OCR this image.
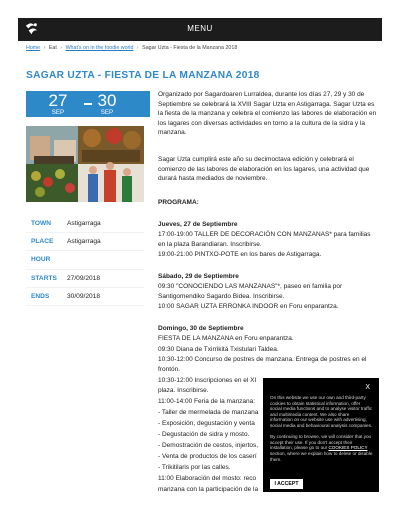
MENU
Home › Eat › What's on in the foodie world › Sagar Uzta - Fiesta de la Manzana 2018
SAGAR UZTA - FIESTA DE LA MANZANA 2018
27
SEP
30
SEP
TOWN Astigarraga
PLACE Astigarraga
HOUR
STARTS 27/09/2018
ENDS	30/09/2018
Organizado por Sagardoaren Lurraldea, durante los días 27, 29 y 30 de Septiembre se celebrará la XVIII Sagar Uzta en Astigarraga. Sagar Uzta es la fiesta de la manzana y celebra el comienzo las labores de elaboración en los lagares con diversas actividades en torno a la cultura de la sidra y la manzana.
Sagar Uzta cumplirá este año su decimoctava edición y celebrará el comienzo de las labores de elaboración en los lagares, una actividad que durará hasta mediados de noviembre.
PROGRAMA:
Jueves, 27 de Septiembre
17:00-19:00 TALLER DE DECORACIÓN CON MANZANAS* para familias en la plaza Barandiaran. Inscribirse.
19:00-21:00 PINTXO-POTE en los bares de Astigarraga.
Sábado, 29 de Septiembre
09:30 "CONOCIENDO LAS MANZANAS"*, paseo en familia por Santigomendiko Sagardo Bidea. Inscribirse.
10:00 SAGAR UZTA ERRONKA INDOOR en Foru enparantza.
Domingo, 30 de Septiembre
FIESTA DE LA MANZANA en Foru enparantza.
09:30 Diana de Txirrikitá Txistulari Taldea.
10:30-12:00 Concurso de postres de manzana. Entrega de postres en el frontón.
10:30-12:00 Inscripciones en el XI
plaza. Inscribirse.
11:00-14:00 Feria de la manzana:
- Taller de mermelada de manzana
- Exposición, degustación y venta
- Degustación de sidra y mosto.
- Demostración de cestos, injertos,
- Venta de productos de los caserí
- Trikitilaris por las calles.
11:00 Elaboración del mosto: reco
manzana con la participación de la
X
On this website we use our own and third-party cookies to obtain statistical information, offer social media functions and to analyse visitor traffic and multimedia content. We also share information on our website use with advertising, social media and behavioural analysis companies.

By continuing to browse, we will consider that you accept their use. If you don't accept their installation, please go to our COOKIES POLICY section, where we explain how to delete or disable them.
I ACCEPT
